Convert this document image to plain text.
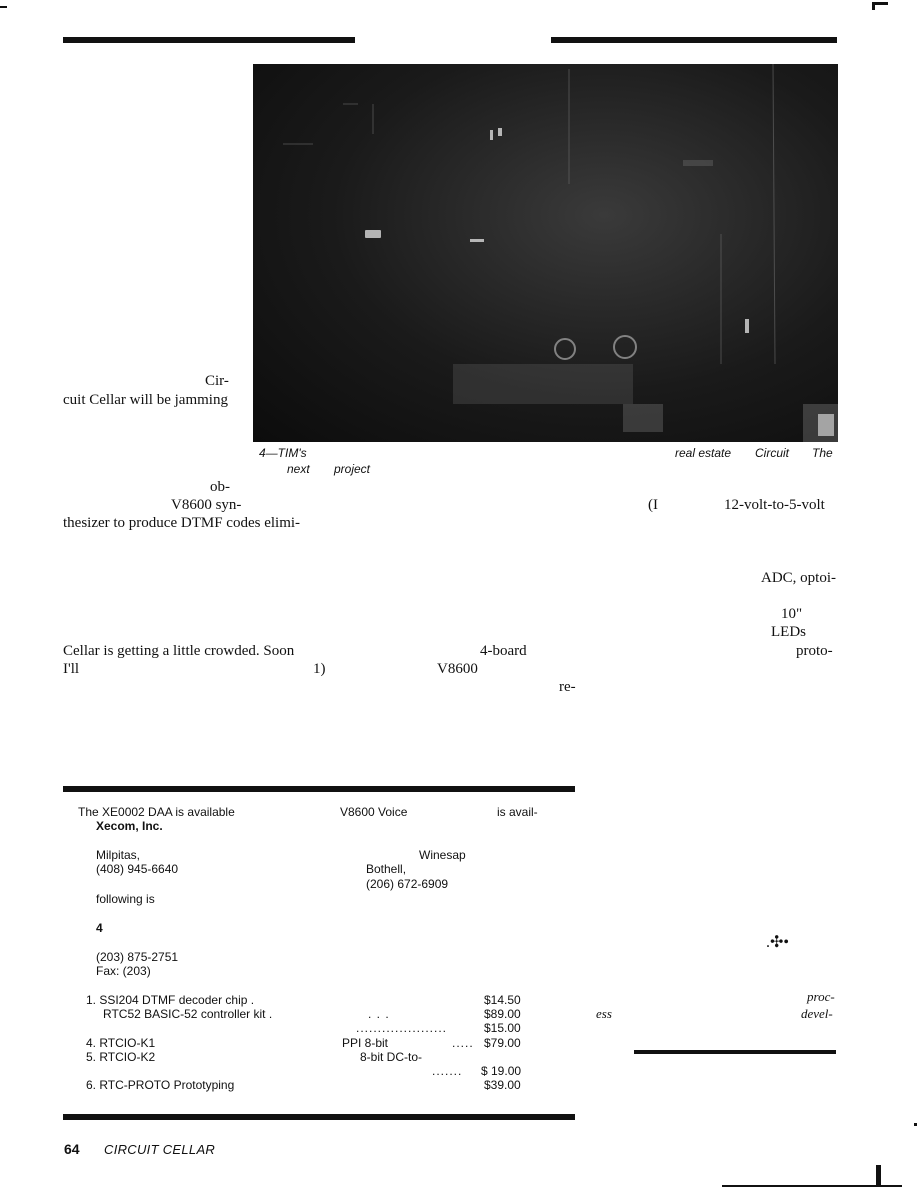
4—TIM's
next project
real estate Circuit The
Cir-
cuit Cellar will be jamming
ob-
V8600 syn-
thesizer to produce DTMF codes elimi-
Cellar is getting a little crowded. Soon
I'll
4-board
1)	V8600
re-
(I	12-volt-to-5-volt
ADC, optoi-
10"
LEDs
proto-
.✣•
proc-
ess	devel-
The XE0002 DAA is available
Xecom, Inc.
Milpitas,
(408) 945-6640
following is
4
(203) 875-2751
Fax: (203)
V8600 Voice	is avail-
Winesap
Bothell,
(206) 672-6909
1. SSI204 DTMF decoder chip .	$14.50
RTC52 BASIC-52 controller kit .	. . .	$89.00
.....................	$15.00
4. RTCIO-K1	PPI 8-bit	..... $79.00
5. RTCIO-K2	8-bit DC-to-
....... $ 19.00
6. RTC-PROTO Prototyping	$39.00
64 CIRCUIT CELLAR
